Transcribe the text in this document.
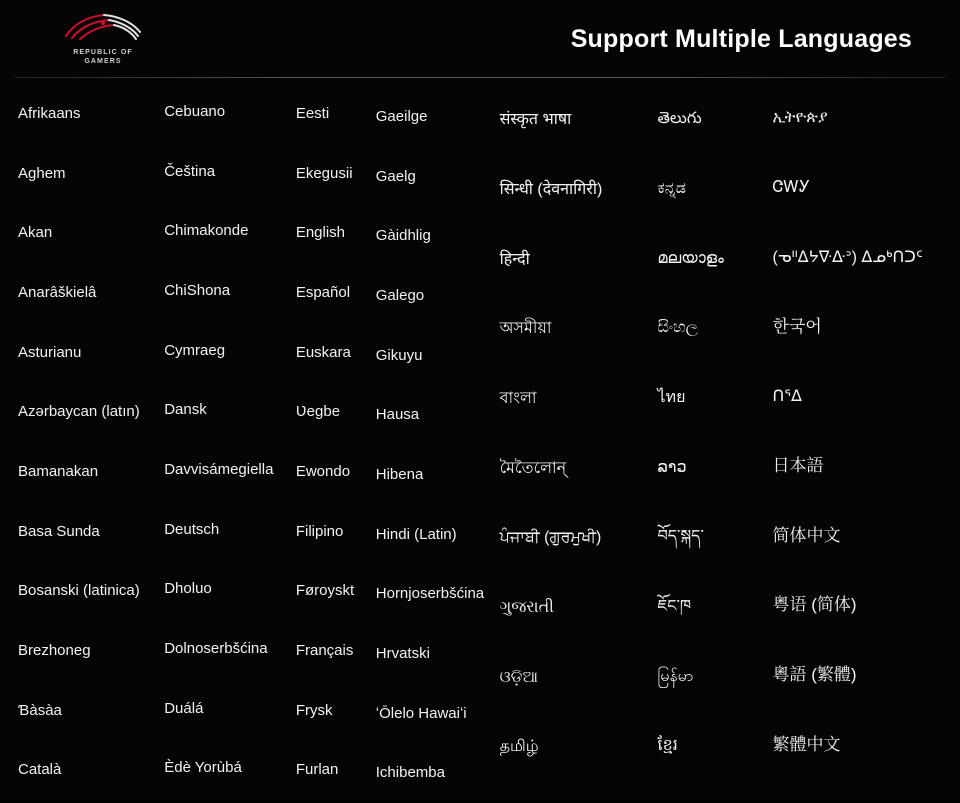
REPUBLIC OF
GAMERS
Support Multiple Languages
Afrikaans
Aghem
Akan
Anarâškielâ
Asturianu
Azərbaycan (latın)
Bamanakan
Basa Sunda
Bosanski (latinica)
Brezhoneg
Ɓàsàa
Català
Cebuano
Čeština
Chimakonde
ChiShona
Cymraeg
Dansk
Davvisámegiella
Deutsch
Dholuo
Dolnoserbšćina
Duálá
Èdè Yorùbá
Eesti
Ekegusii
English
Español
Euskara
Ʋegbe
Ewondo
Filipino
Føroyskt
Français
Frysk
Furlan
Gaeilge
Gaelg
Gàidhlig
Galego
Gikuyu
Hausa
Hibena
Hindi (Latin)
Hornjoserbšćina
Hrvatski
ʻŌlelo Hawaiʻi
Ichibemba
संस्कृत भाषा
सिन्धी (देवनागिरी)
हिन्दी
অসমীয়া
বাংলা
মৈতৈলোন্
ਪੰਜਾਬੀ (ਗੁਰਮੁਖੀ)
ગુજરાતી
ଓଡ଼ିଆ
தமிழ்
తెలుగు
ಕನ್ನಡ
മലയാളം
සිංහල
ไทย
ລາວ
བོད་སྐད་
ཇོང་ཁ
မြန်မာ
ខ្មែរ
ኢትዮጵያ
ᏣᎳᎩ
(ᓀᐦᐃᔭᐍᐏᐣ) ᐃᓄᒃᑎᑐᑦ
한국어
ᑎᕐᐃ
日本語
简体中文
粤语 (简体)
粵語 (繁體)
繁體中文
